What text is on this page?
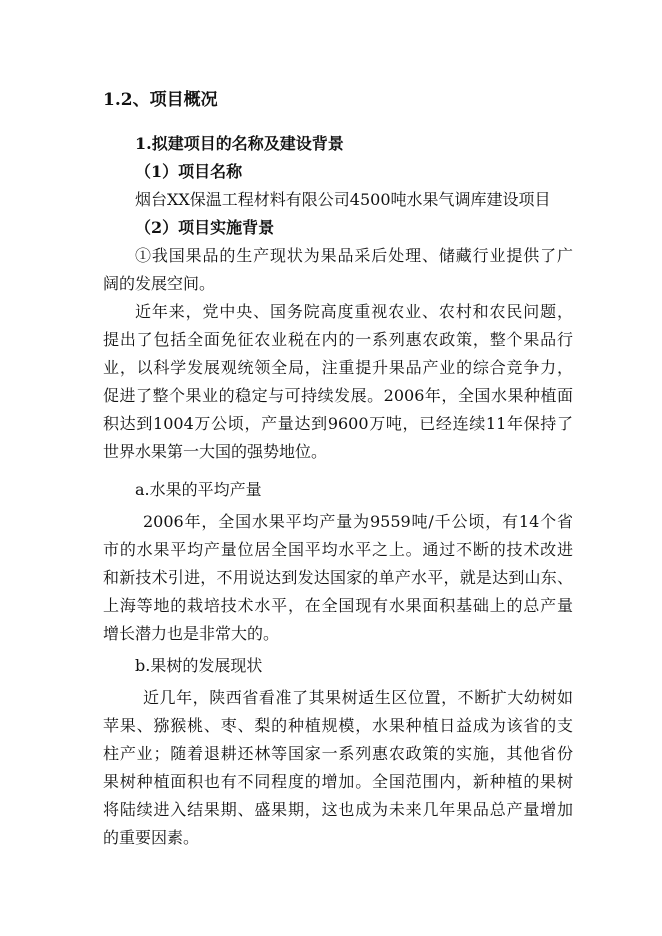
1.2、项目概况
1.拟建项目的名称及建设背景
（1）项目名称
烟台XX保温工程材料有限公司4500吨水果气调库建设项目
（2）项目实施背景
①我国果品的生产现状为果品采后处理、储藏行业提供了广
阔的发展空间。
近年来，党中央、国务院高度重视农业、农村和农民问题，
提出了包括全面免征农业税在内的一系列惠农政策，整个果品行
业，以科学发展观统领全局，注重提升果品产业的综合竞争力，
促进了整个果业的稳定与可持续发展。2006年，全国水果种植面
积达到1004万公顷，产量达到9600万吨，已经连续11年保持了
世界水果第一大国的强势地位。
a.水果的平均产量
2006年，全国水果平均产量为9559吨/千公顷，有14个省
市的水果平均产量位居全国平均水平之上。通过不断的技术改进
和新技术引进，不用说达到发达国家的单产水平，就是达到山东、
上海等地的栽培技术水平，在全国现有水果面积基础上的总产量
增长潜力也是非常大的。
b.果树的发展现状
近几年，陕西省看准了其果树适生区位置，不断扩大幼树如
苹果、猕猴桃、枣、梨的种植规模，水果种植日益成为该省的支
柱产业；随着退耕还林等国家一系列惠农政策的实施，其他省份
果树种植面积也有不同程度的增加。全国范围内，新种植的果树
将陆续进入结果期、盛果期，这也成为未来几年果品总产量增加
的重要因素。
